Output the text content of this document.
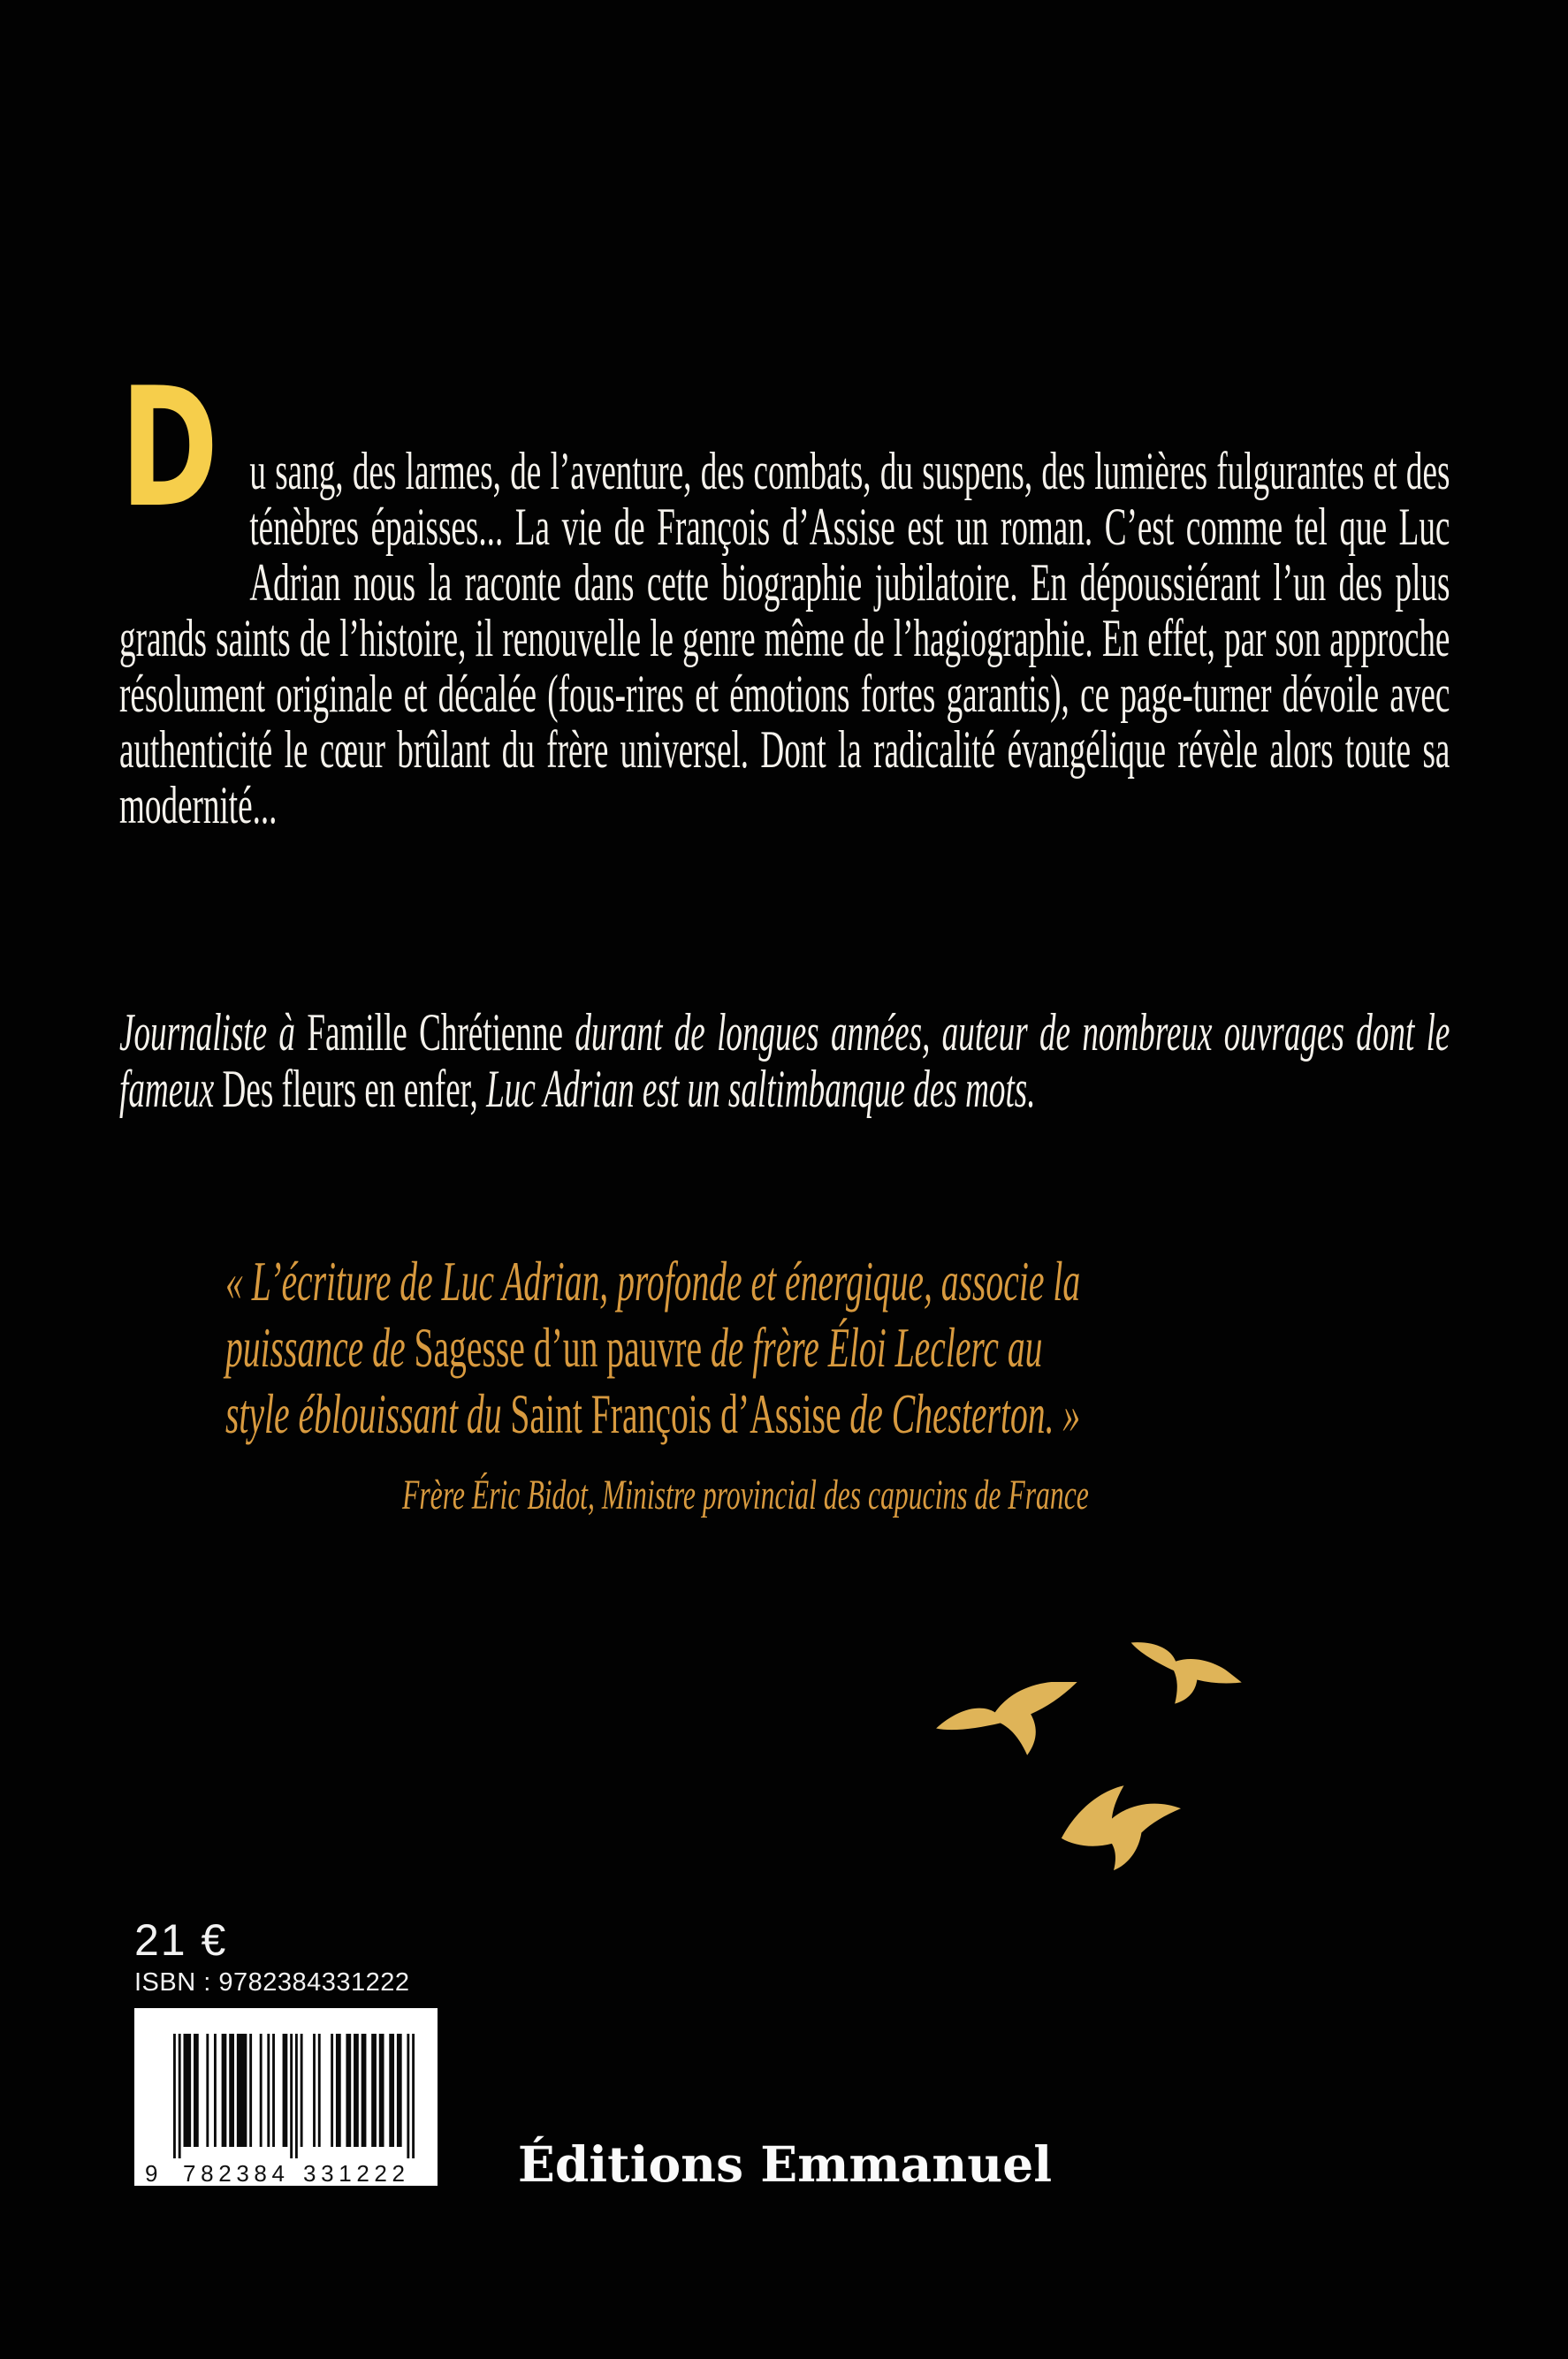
D u sang, des larmes, de l’aventure, des combats, du suspens, des lumières fulgurantes et des ténèbres épaisses... La vie de François d’Assise est un roman. C’est comme tel que Luc Adrian nous la raconte dans cette biographie jubilatoire. En dépoussiérant l’un des plus grands saints de l’histoire, il renouvelle le genre même de l’hagiographie. En effet, par son approche résolument originale et décalée (fous-rires et émotions fortes garantis), ce page-turner dévoile avec authenticité le cœur brûlant du frère universel. Dont la radicalité évangélique révèle alors toute sa modernité...

Journaliste à Famille Chrétienne durant de longues années, auteur de nombreux ouvrages dont le fameux Des fleurs en enfer, Luc Adrian est un saltimbanque des mots.

« L’écriture de Luc Adrian, profonde et énergique, associe la
puissance de Sagesse d’un pauvre de frère Éloi Leclerc au
style éblouissant du Saint François d’Assise de Chesterton. »
Frère Éric Bidot, Ministre provincial des capucins de France
21 €
ISBN : 9782384331222
9 782384 331222 Éditions Emmanuel
